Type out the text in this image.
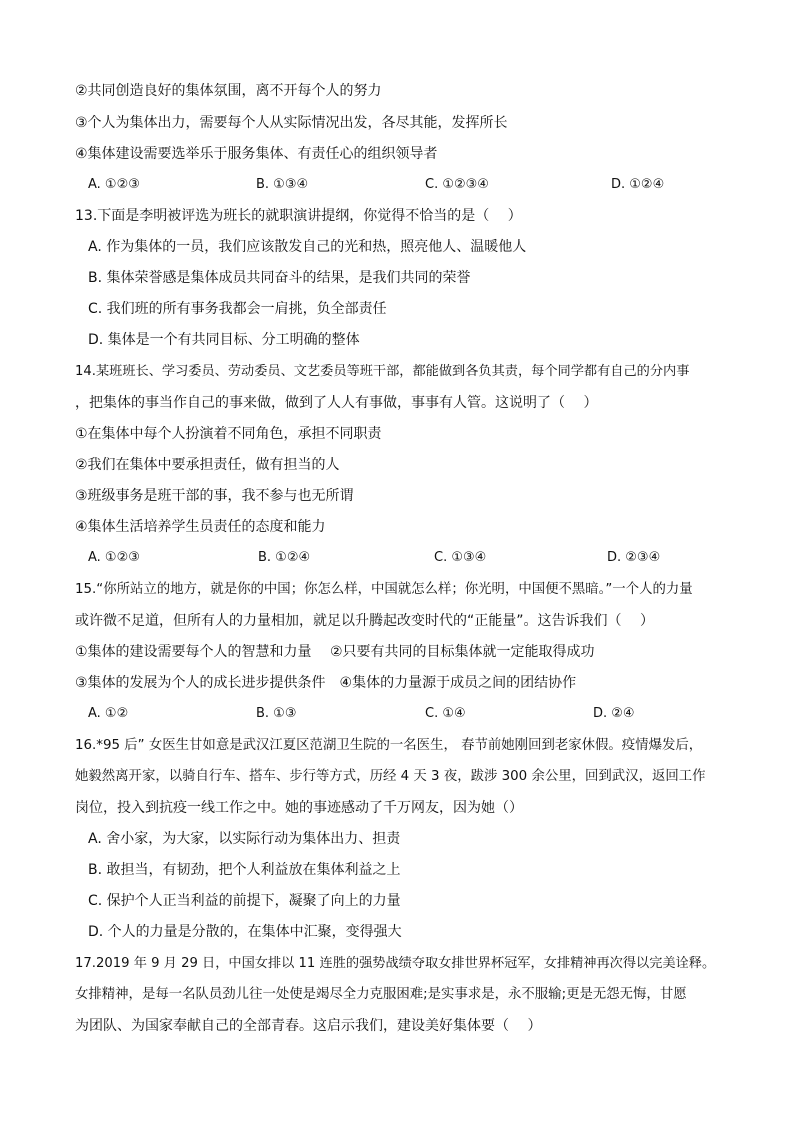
②共同创造良好的集体氛围，离不开每个人的努力
③个人为集体出力，需要每个人从实际情况出发，各尽其能，发挥所长
④集体建设需要选举乐于服务集体、有责任心的组织领导者
A. ①②③	B. ①③④	C. ①②③④	D. ①②④
13.下面是李明被评选为班长的就职演讲提纲，你觉得不恰当的是（　 ）
A. 作为集体的一员，我们应该散发自己的光和热，照亮他人、温暖他人
B. 集体荣誉感是集体成员共同奋斗的结果，是我们共同的荣誉
C. 我们班的所有事务我都会一肩挑，负全部责任
D. 集体是一个有共同目标、分工明确的整体
14.某班班长、学习委员、劳动委员、文艺委员等班干部，都能做到各负其责，每个同学都有自己的分内事
，把集体的事当作自己的事来做，做到了人人有事做，事事有人管。这说明了（　 ）
①在集体中每个人扮演着不同角色，承担不同职责
②我们在集体中要承担责任，做有担当的人
③班级事务是班干部的事，我不参与也无所谓
④集体生活培养学生员责任的态度和能力
A. ①②③	B. ①②④	C. ①③④	D. ②③④
15.“你所站立的地方，就是你的中国；你怎么样，中国就怎么样；你光明，中国便不黑暗。”一个人的力量
或许微不足道，但所有人的力量相加，就足以升腾起改变时代的“正能量”。这告诉我们（　 ）
①集体的建设需要每个人的智慧和力量　 ②只要有共同的目标集体就一定能取得成功
③集体的发展为个人的成长进步提供条件　④集体的力量源于成员之间的团结协作
A. ①②	B. ①③	C. ①④	D. ②④
16.*95 后” 女医生甘如意是武汉江夏区范湖卫生院的一名医生， 春节前她刚回到老家休假。疫情爆发后，
她毅然离开家，以骑自行车、搭车、步行等方式，历经 4 天 3 夜，跋涉 300 余公里，回到武汉，返回工作
岗位，投入到抗疫一线工作之中。她的事迹感动了千万网友，因为她（）
A. 舍小家，为大家，以实际行动为集体出力、担责
B. 敢担当，有韧劲，把个人利益放在集体利益之上
C. 保护个人正当利益的前提下，凝聚了向上的力量
D. 个人的力量是分散的，在集体中汇聚，变得强大
17.2019 年 9 月 29 日，中国女排以 11 连胜的强势战绩夺取女排世界杯冠军，女排精神再次得以完美诠释。
女排精神，是每一名队员劲儿往一处使是竭尽全力克服困难;是实事求是，永不服输;更是无怨无悔，甘愿
为团队、为国家奉献自己的全部青春。这启示我们，建设美好集体要（　 ）
